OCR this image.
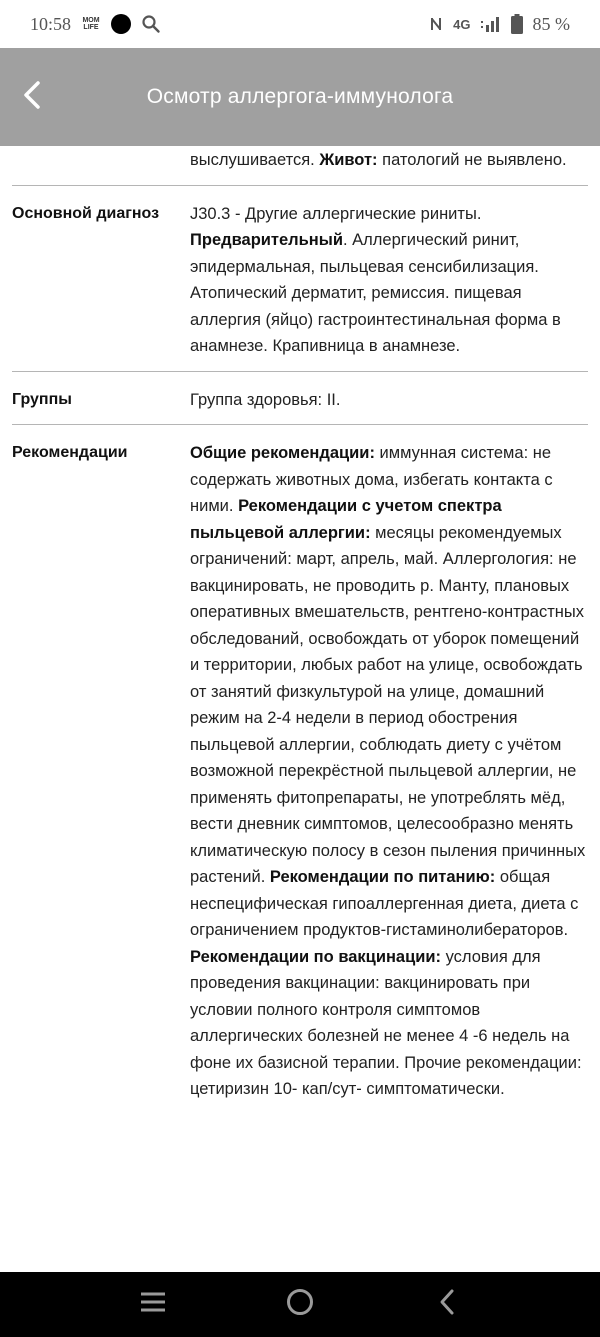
10:58 MOM
LIFE	4G	85 %
Осмотр аллергога-иммунолога
выслушивается. Живот: патологий не выявлено.
Основной диагноз	J30.3 - Другие аллергические риниты. Предварительный. Аллергический ринит, эпидермальная, пыльцевая сенсибилизация. Атопический дерматит, ремиссия. пищевая аллергия (яйцо) гастроинтестинальная форма в анамнезе. Крапивница в анамнезе.
Группы	Группа здоровья: II.
Рекомендации	Общие рекомендации: иммунная система: не содержать животных дома, избегать контакта с ними. Рекомендации с учетом спектра пыльцевой аллергии: месяцы рекомендуемых ограничений: март, апрель, май. Аллергология: не вакцинировать, не проводить р. Манту, плановых оперативных вмешательств, рентгено-контрастных обследований, освобождать от уборок помещений и территории, любых работ на улице, освобождать от занятий физкультурой на улице, домашний режим на 2-4 недели в период обострения пыльцевой аллергии, соблюдать диету с учётом возможной перекрёстной пыльцевой аллергии, не применять фитопрепараты, не употреблять мёд, вести дневник симптомов, целесообразно менять климатическую полосу в сезон пыления причинных растений. Рекомендации по питанию: общая неспецифическая гипоаллергенная диета, диета с ограничением продуктов-гистаминолибераторов. Рекомендации по вакцинации: условия для проведения вакцинации: вакцинировать при условии полного контроля симптомов аллергических болезней не менее 4 -6 недель на фоне их базисной терапии. Прочие рекомендации: цетиризин 10- кап/сут- симптоматически.
